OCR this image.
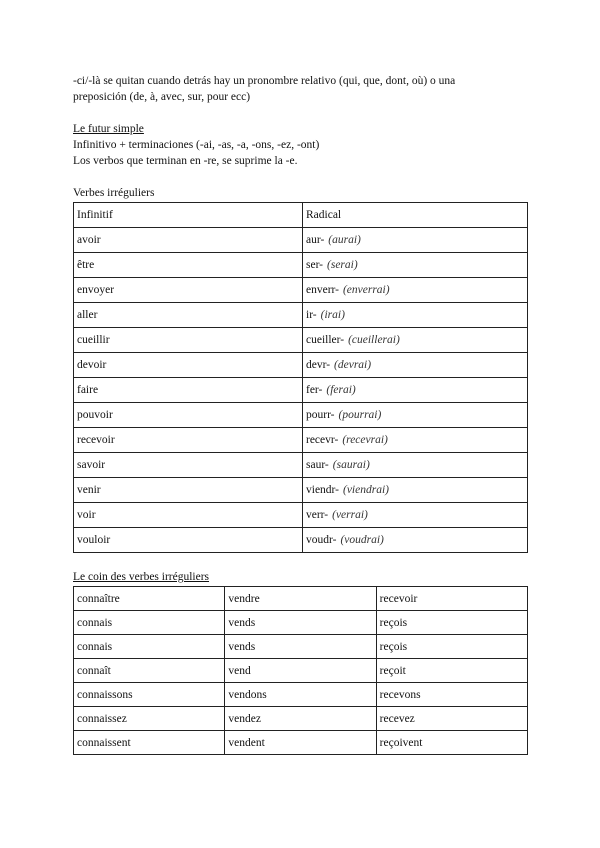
-ci/-là se quitan cuando detrás hay un pronombre relativo (qui, que, dont, où) o una

preposición (de, à, avec, sur, pour ecc)

Le futur simple

Infinitivo + terminaciones (-ai, -as, -a, -ons, -ez, -ont)

Los verbos que terminan en -re, se suprime la -e.

Verbes irréguliers

Infinitif	Radical
avoir	aur- (aurai)
être	ser- (serai)
envoyer	enverr- (enverrai)
aller	ir- (irai)
cueillir	cueiller- (cueillerai)
devoir	devr- (devrai)
faire	fer- (ferai)
pouvoir	pourr- (pourrai)
recevoir	recevr- (recevrai)
savoir	saur- (saurai)
venir	viendr- (viendrai)
voir	verr- (verrai)
vouloir	voudr- (voudrai)

Le coin des verbes irréguliers

connaître	vendre	recevoir
connais	vends	reçois
connais	vends	reçois
connaît	vend	reçoit
connaissons	vendons	recevons
connaissez	vendez	recevez
connaissent	vendent	reçoivent
